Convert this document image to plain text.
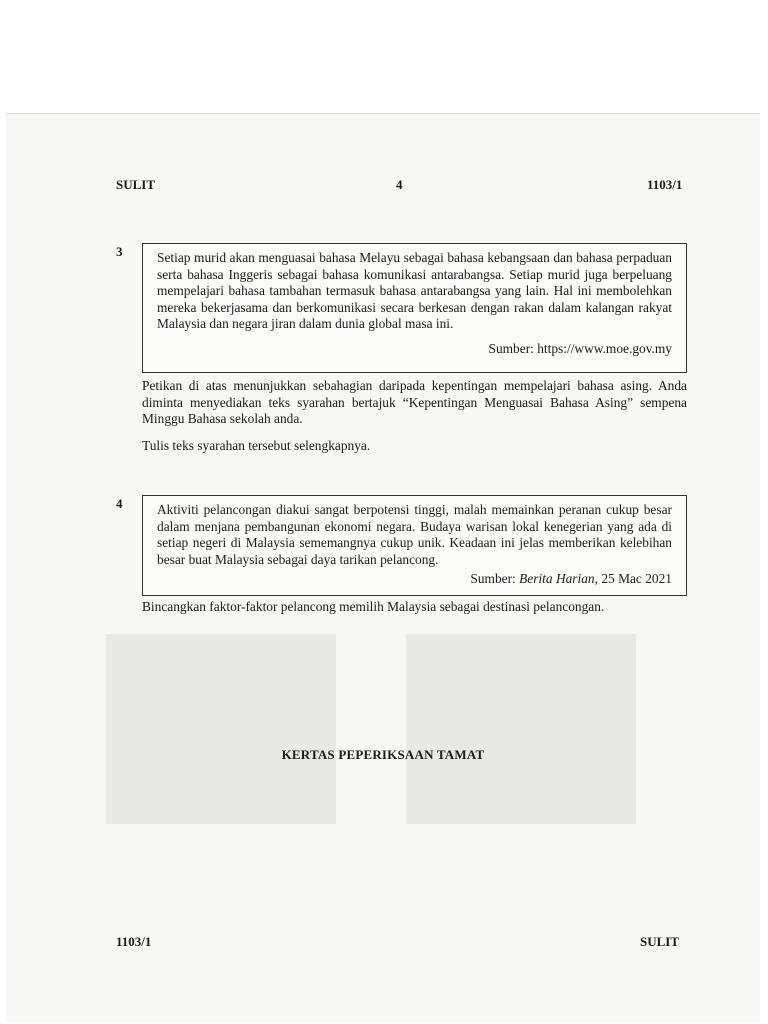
SULIT	4	1103/1
3	Setiap murid akan menguasai bahasa Melayu sebagai bahasa kebangsaan dan bahasa perpaduan serta bahasa Inggeris sebagai bahasa komunikasi antarabangsa. Setiap murid juga berpeluang mempelajari bahasa tambahan termasuk bahasa antarabangsa yang lain. Hal ini membolehkan mereka bekerjasama dan berkomunikasi secara berkesan dengan rakan dalam kalangan rakyat Malaysia dan negara jiran dalam dunia global masa ini.

Sumber: https://www.moe.gov.my

Petikan di atas menunjukkan sebahagian daripada kepentingan mempelajari bahasa asing. Anda diminta menyediakan teks syarahan bertajuk “Kepentingan Menguasai Bahasa Asing” sempena Minggu Bahasa sekolah anda.

Tulis teks syarahan tersebut selengkapnya.

4	Aktiviti pelancongan diakui sangat berpotensi tinggi, malah memainkan peranan cukup besar dalam menjana pembangunan ekonomi negara. Budaya warisan lokal kenegerian yang ada di setiap negeri di Malaysia sememangnya cukup unik. Keadaan ini jelas memberikan kelebihan besar buat Malaysia sebagai daya tarikan pelancong.

Sumber: Berita Harian, 25 Mac 2021

Bincangkan faktor-faktor pelancong memilih Malaysia sebagai destinasi pelancongan.

KERTAS PEPERIKSAAN TAMAT
1103/1	SULIT
